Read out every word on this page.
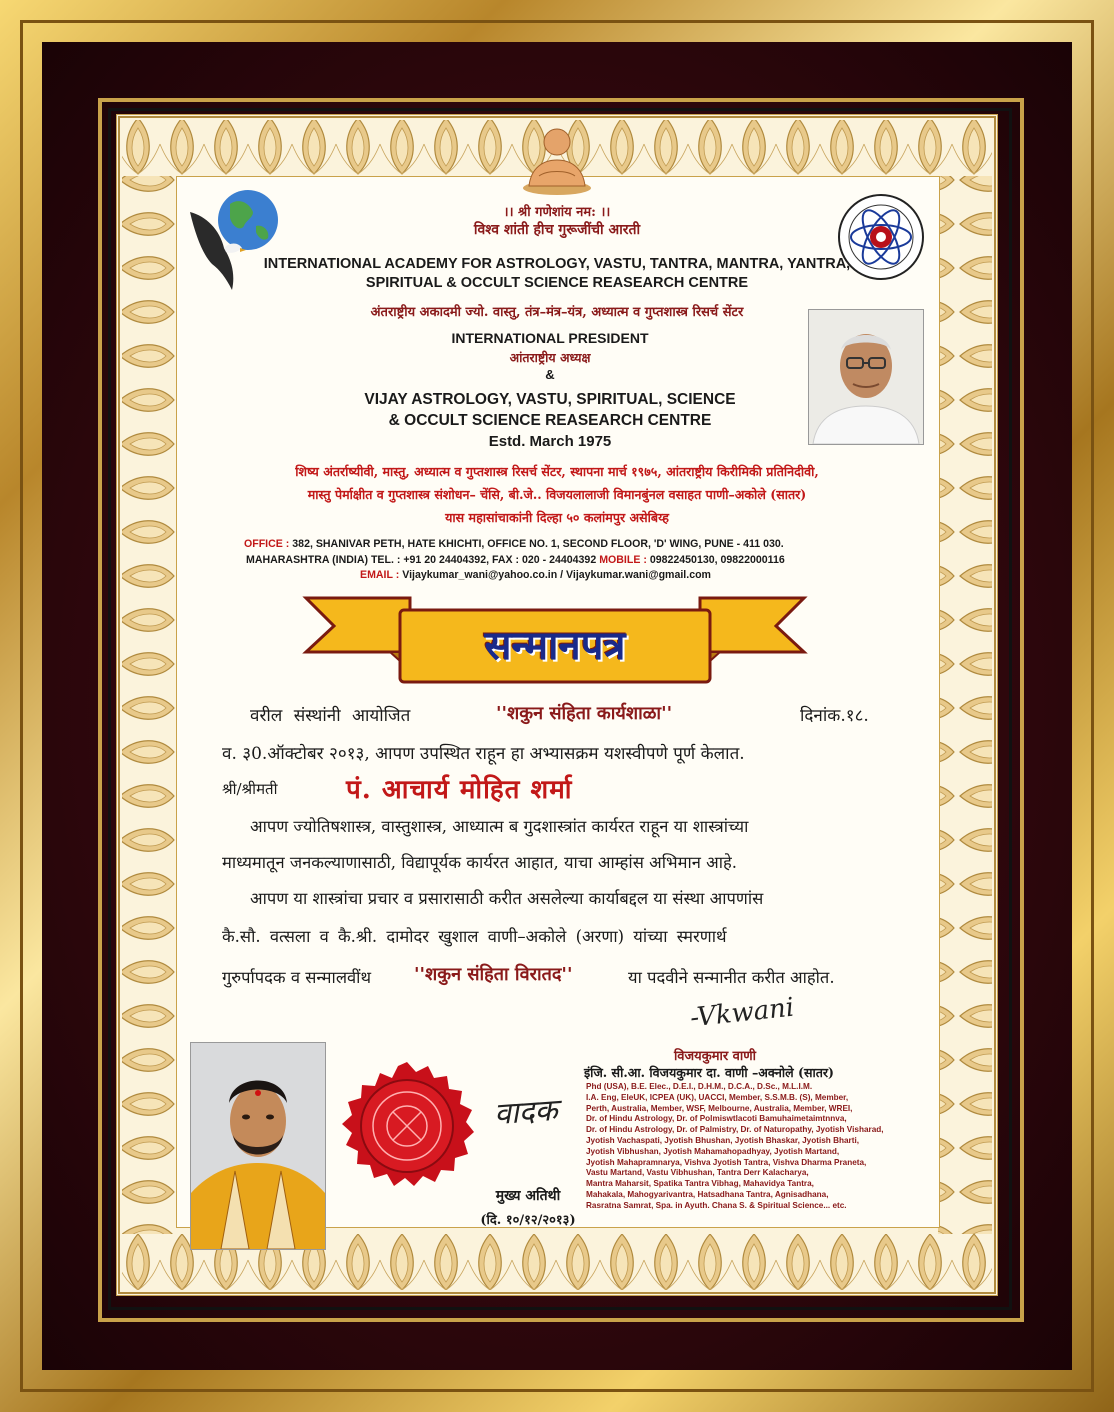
।। श्री गणेशांय नम: ।।
विश्व शांती हीच गुरूजींची आरती
INTERNATIONAL ACADEMY FOR ASTROLOGY, VASTU, TANTRA, MANTRA, YANTRA,
SPIRITUAL & OCCULT SCIENCE REASEARCH CENTRE
अंतराष्ट्रीय अकादमी ज्यो. वास्तु, तंत्र–मंत्र–यंत्र, अध्यात्म व गुप्तशास्त्र रिसर्च सेंटर
INTERNATIONAL PRESIDENT
आंतराष्ट्रीय अध्यक्ष
&
VIJAY ASTROLOGY, VASTU, SPIRITUAL, SCIENCE
& OCCULT SCIENCE REASEARCH CENTRE
Estd. March 1975
शिष्य अंतर्राष्यीवी, मास्तु, अध्यात्म व गुप्तशास्त्र रिसर्च सेंटर, स्थापना मार्च १९७५, आंतराष्ट्रीय किरीमिकी प्रतिनिदीवी,
मास्तु पेर्माक्षीत व गुप्तशास्त्र संशोधन– चेंसि, बी.जे.. विजयलालाजी विमानबुंनल वसाहत पाणी–अकोले (सातर)
यास महासांचाकांनी दिल्हा ५० कलांमपुर असेबिय्ह
OFFICE : 382, SHANIVAR PETH, HATE KHICHTI, OFFICE NO. 1, SECOND FLOOR, 'D' WING, PUNE - 411 030.
MAHARASHTRA (INDIA) TEL. : +91 20 24404392, FAX : 020 - 24404392 MOBILE : 09822450130, 09822000116
EMAIL : Vijaykumar_wani@yahoo.co.in / Vijaykumar.wani@gmail.com
सन्मानपत्र
वरील संस्थांनी आयोजित	''शकुन संहिता कार्यशाळा''	दिनांक.१८.
व. ३0.ऑक्टोबर २०१३, आपण उपस्थित राहून हा अभ्यासक्रम यशस्वीपणे पूर्ण केलात.
श्री/श्रीमती	पं. आचार्य मोहित शर्मा
आपण ज्योतिषशास्त्र, वास्तुशास्त्र, आध्यात्म ब गुदशास्त्रांत कार्यरत राहून या शास्त्रांच्या
माध्यमातून जनकल्याणासाठी, विद्यापूर्यक कार्यरत आहात, याचा आम्हांस अभिमान आहे.
आपण या शास्त्रांचा प्रचार व प्रसारासाठी करीत असलेल्या कार्याबद्दल या संस्था आपणांस
कै.सौ. वत्सला व कै.श्री. दामोदर खुशाल वाणी–अकोले (अरणा) यांच्या स्मरणार्थ
गुरुर्पापदक व सन्मालवींथ ''शकुन संहिता विरातद''	या पदवीने सन्मानीत करीत आहोत.
-Vkwani
विजयकुमार वाणी
इंजि. सी.आ. विजयकुमार दा. वाणी –अक्नोले (सातर)
Phd (USA), B.E. Elec., D.E.I., D.H.M., D.C.A., D.Sc., M.L.I.M.
I.A. Eng, EleUK, ICPEA (UK), UACCI, Member, S.S.M.B. (S), Member,
Perth, Australia, Member, WSF, Melbourne, Australia, Member, WREI,
Dr. of Hindu Astrology, Dr. of Polmiswtlacoti Bamuhaimetaimtnnva,
Dr. of Hindu Astrology, Dr. of Palmistry, Dr. of Naturopathy, Jyotish Visharad,
Jyotish Vachaspati, Jyotish Bhushan, Jyotish Bhaskar, Jyotish Bharti,
Jyotish Vibhushan, Jyotish Mahamahopadhyay, Jyotish Martand,
Jyotish Mahapramnarya, Vishva Jyotish Tantra, Vishva Dharma Praneta,
Vastu Martand, Vastu Vibhushan, Tantra Derr Kalacharya,
Mantra Maharsit, Spatika Tantra Vibhag, Mahavidya Tantra,
Mahakala, Mahogyarivantra, Hatsadhana Tantra, Agnisadhana,
Rasratna Samrat, Spa. in Ayuth. Chana S. & Spiritual Science... etc.
वादक
मुख्य अतिथी
(दि. १०/१२/२०१३)
